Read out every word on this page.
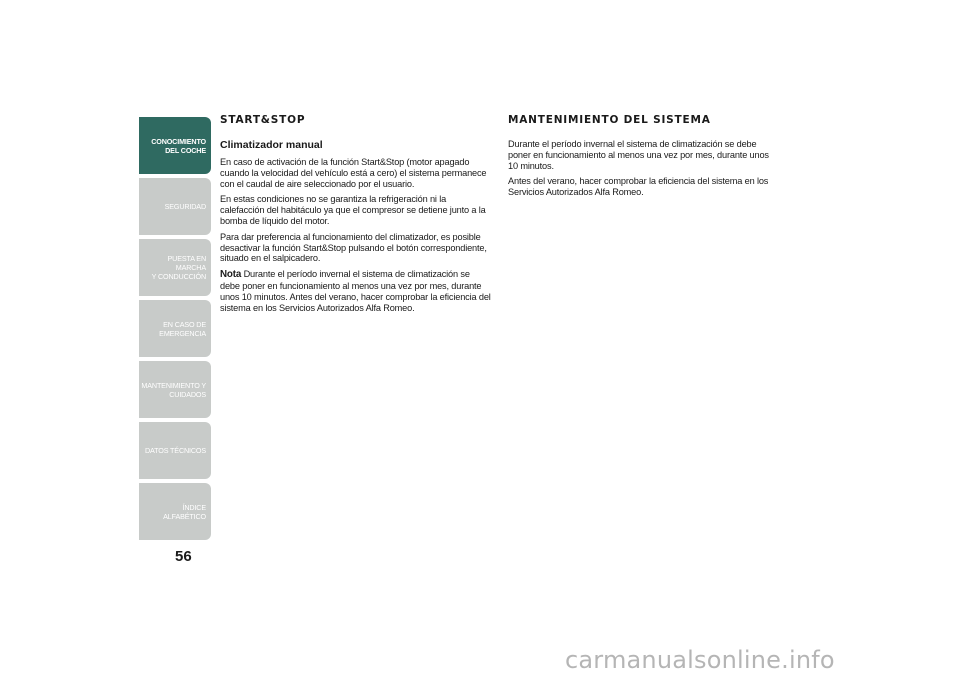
CONOCIMIENTO
DEL COCHE
SEGURIDAD
PUESTA EN MARCHA
Y CONDUCCIÓN
EN CASO DE
EMERGENCIA
MANTENIMIENTO Y
CUIDADOS
DATOS TÉCNICOS
ÍNDICE ALFABÉTICO
56
START&STOP
Climatizador manual

En caso de activación de la función Start&Stop (motor apagado cuando la velocidad del vehículo está a cero) el sistema permanece con el caudal de aire seleccionado por el usuario.

En estas condiciones no se garantiza la refrigeración ni la calefacción del habitáculo ya que el compresor se detiene junto a la bomba de líquido del motor.

Para dar preferencia al funcionamiento del climatizador, es posible desactivar la función Start&Stop pulsando el botón correspondiente, situado en el salpicadero.

Nota Durante el período invernal el sistema de climatización se debe poner en funcionamiento al menos una vez por mes, durante unos 10 minutos. Antes del verano, hacer comprobar la eficiencia del sistema en los Servicios Autorizados Alfa Romeo.

MANTENIMIENTO DEL SISTEMA

Durante el período invernal el sistema de climatización se debe poner en funcionamiento al menos una vez por mes, durante unos 10 minutos.

Antes del verano, hacer comprobar la eficiencia del sistema en los Servicios Autorizados Alfa Romeo.

carmanualsonline.info
